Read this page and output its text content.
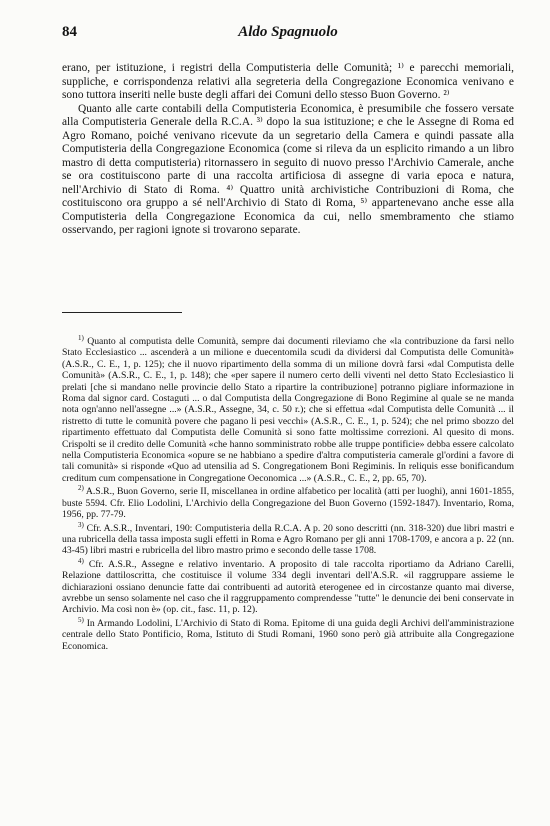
84	Aldo Spagnuolo

erano, per istituzione, i registri della Computisteria delle Comunità; ¹⁾ e parecchi memoriali, suppliche, e corrispondenza relativi alla segreteria della Congregazione Economica venivano e sono tuttora inseriti nelle buste degli affari dei Comuni dello stesso Buon Governo. ²⁾

Quanto alle carte contabili della Computisteria Economica, è presumibile che fossero versate alla Computisteria Generale della R.C.A. ³⁾ dopo la sua istituzione; e che le Assegne di Roma ed Agro Romano, poiché venivano ricevute da un segretario della Camera e quindi passate alla Computisteria della Congregazione Economica (come si rileva da un esplicito rimando a un libro mastro di detta computisteria) ritornassero in seguito di nuovo presso l'Archivio Camerale, anche se ora costituiscono parte di una raccolta artificiosa di assegne di varia epoca e natura, nell'Archivio di Stato di Roma. ⁴⁾ Quattro unità archivistiche Contribuzioni di Roma, che costituiscono ora gruppo a sé nell'Archivio di Stato di Roma, ⁵⁾ appartenevano anche esse alla Computisteria della Congregazione Economica da cui, nello smembramento che stiamo osservando, per ragioni ignote si trovarono separate.

$^{1)}$ Quanto al computista delle Comunità, sempre dai documenti rileviamo che «la contribuzione da farsi nello Stato Ecclesiastico ... ascenderà a un milione e duecentomila scudi da dividersi dal Computista delle Comunità» (A.S.R., C. E., 1, p. 125); che il nuovo ripartimento della somma di un milione dovrà farsi «dal Computista delle Comunità» (A.S.R., C. E., 1, p. 148); che «per sapere il numero certo delli viventi nel detto Stato Ecclesiastico li prelati [che si mandano nelle provincie dello Stato a ripartire la contribuzione] potranno pigliare informazione in Roma dal signor card. Costaguti ... o dal Computista della Congregazione di Bono Regimine al quale se ne manda nota ogn'anno nell'assegne ...» (A.S.R., Assegne, 34, c. 50 r.); che si effettua «dal Computista delle Comunità ... il ristretto di tutte le comunità povere che pagano li pesi vecchi» (A.S.R., C. E., 1, p. 524); che nel primo sbozzo del ripartimento effettuato dal Computista delle Comunità si sono fatte moltissime correzioni. Al quesito di mons. Crispolti se il credito delle Comunità «che hanno somministrato robbe alle truppe pontificie» debba essere calcolato nella Computisteria Economica «opure se ne habbiano a spedire d'altra computisteria camerale gl'ordini a favore di tali comunità» si risponde «Quo ad utensilia ad S. Congregationem Boni Regiminis. In reliquis esse bonificandum creditum cum compensatione in Congregatione Oeconomica ...» (A.S.R., C. E., 2, pp. 65, 70).

$^{2)}$ A.S.R., Buon Governo, serie II, miscellanea in ordine alfabetico per località (atti per luoghi), anni 1601-1855, buste 5594. Cfr. Elio Lodolini, L'Archivio della Congregazione del Buon Governo (1592-1847). Inventario, Roma, 1956, pp. 77-79.

$^{3)}$ Cfr. A.S.R., Inventari, 190: Computisteria della R.C.A. A p. 20 sono descritti (nn. 318-320) due libri mastri e una rubricella della tassa imposta sugli effetti in Roma e Agro Romano per gli anni 1708-1709, e ancora a p. 22 (nn. 43-45) libri mastri e rubricella del libro mastro primo e secondo delle tasse 1708.

$^{4)}$ Cfr. A.S.R., Assegne e relativo inventario. A proposito di tale raccolta riportiamo da Adriano Carelli, Relazione dattiloscritta, che costituisce il volume 334 degli inventari dell'A.S.R. «il raggruppare assieme le dichiarazioni ossiano denuncie fatte dai contribuenti ad autorità eterogenee ed in circostanze quanto mai diverse, avrebbe un senso solamente nel caso che il raggruppamento comprendesse "tutte" le denuncie dei beni conservate in Archivio. Ma così non è» (op. cit., fasc. 11, p. 12).

$^{5)}$ In Armando Lodolini, L'Archivio di Stato di Roma. Epitome di una guida degli Archivi dell'amministrazione centrale dello Stato Pontificio, Roma, Istituto di Studi Romani, 1960 sono però già attribuite alla Congregazione Economica.
